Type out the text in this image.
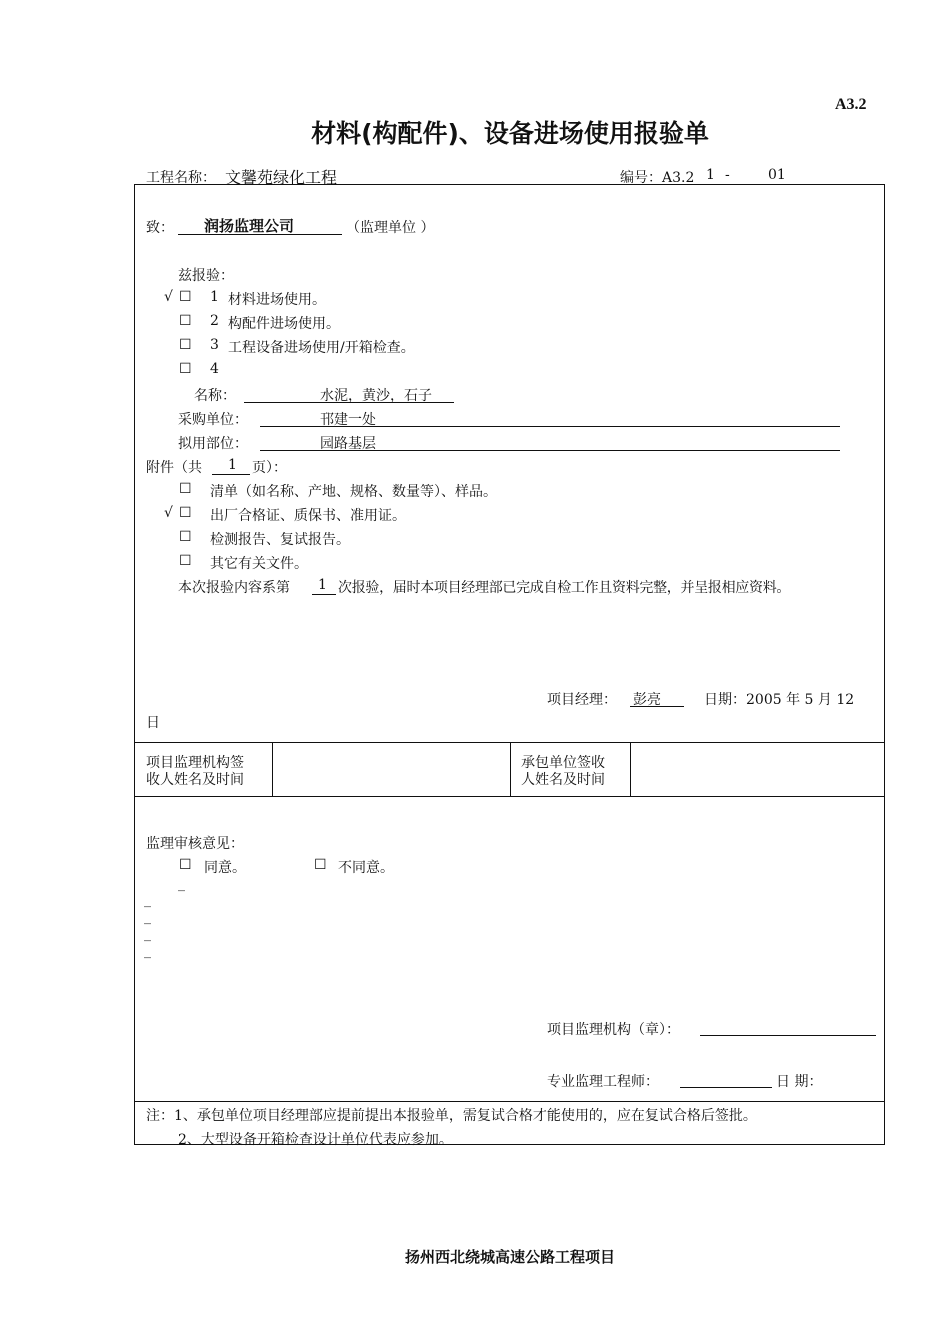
A3.2
材料(构配件)、设备进场使用报验单
工程名称： 文馨苑绿化工程	编号：A3.2 1 -	01
致： 润扬监理公司	（监理单位 ）
兹报验：
√ ☐ 1 材料进场使用。
☐ 2 构配件进场使用。
☐ 3 工程设备进场使用/开箱检查。
☐ 4
名称：	水泥，黄沙，石子
采购单位：	邗建一处
拟用部位：	园路基层
附件（共 1 页）：
☐ 清单（如名称、产地、规格、数量等）、样品。
√ ☐ 出厂合格证、质保书、准用证。
☐ 检测报告、复试报告。
☐ 其它有关文件。
本次报验内容系第 1 次报验，届时本项目经理部已完成自检工作且资料完整，并呈报相应资料。
项目经理： 彭亮	日期：2005 年 5 月 12
日
项目监理机构签
收人姓名及时间
承包单位签收
人姓名及时间
监理审核意见：
☐ 同意。	☐ 不同意。
_
_
_
_
_
项目监理机构（章）：
专业监理工程师：	日 期：
注：1、承包单位项目经理部应提前提出本报验单，需复试合格才能使用的，应在复试合格后签批。
2、大型设备开箱检查设计单位代表应参加。
扬州西北绕城高速公路工程项目
